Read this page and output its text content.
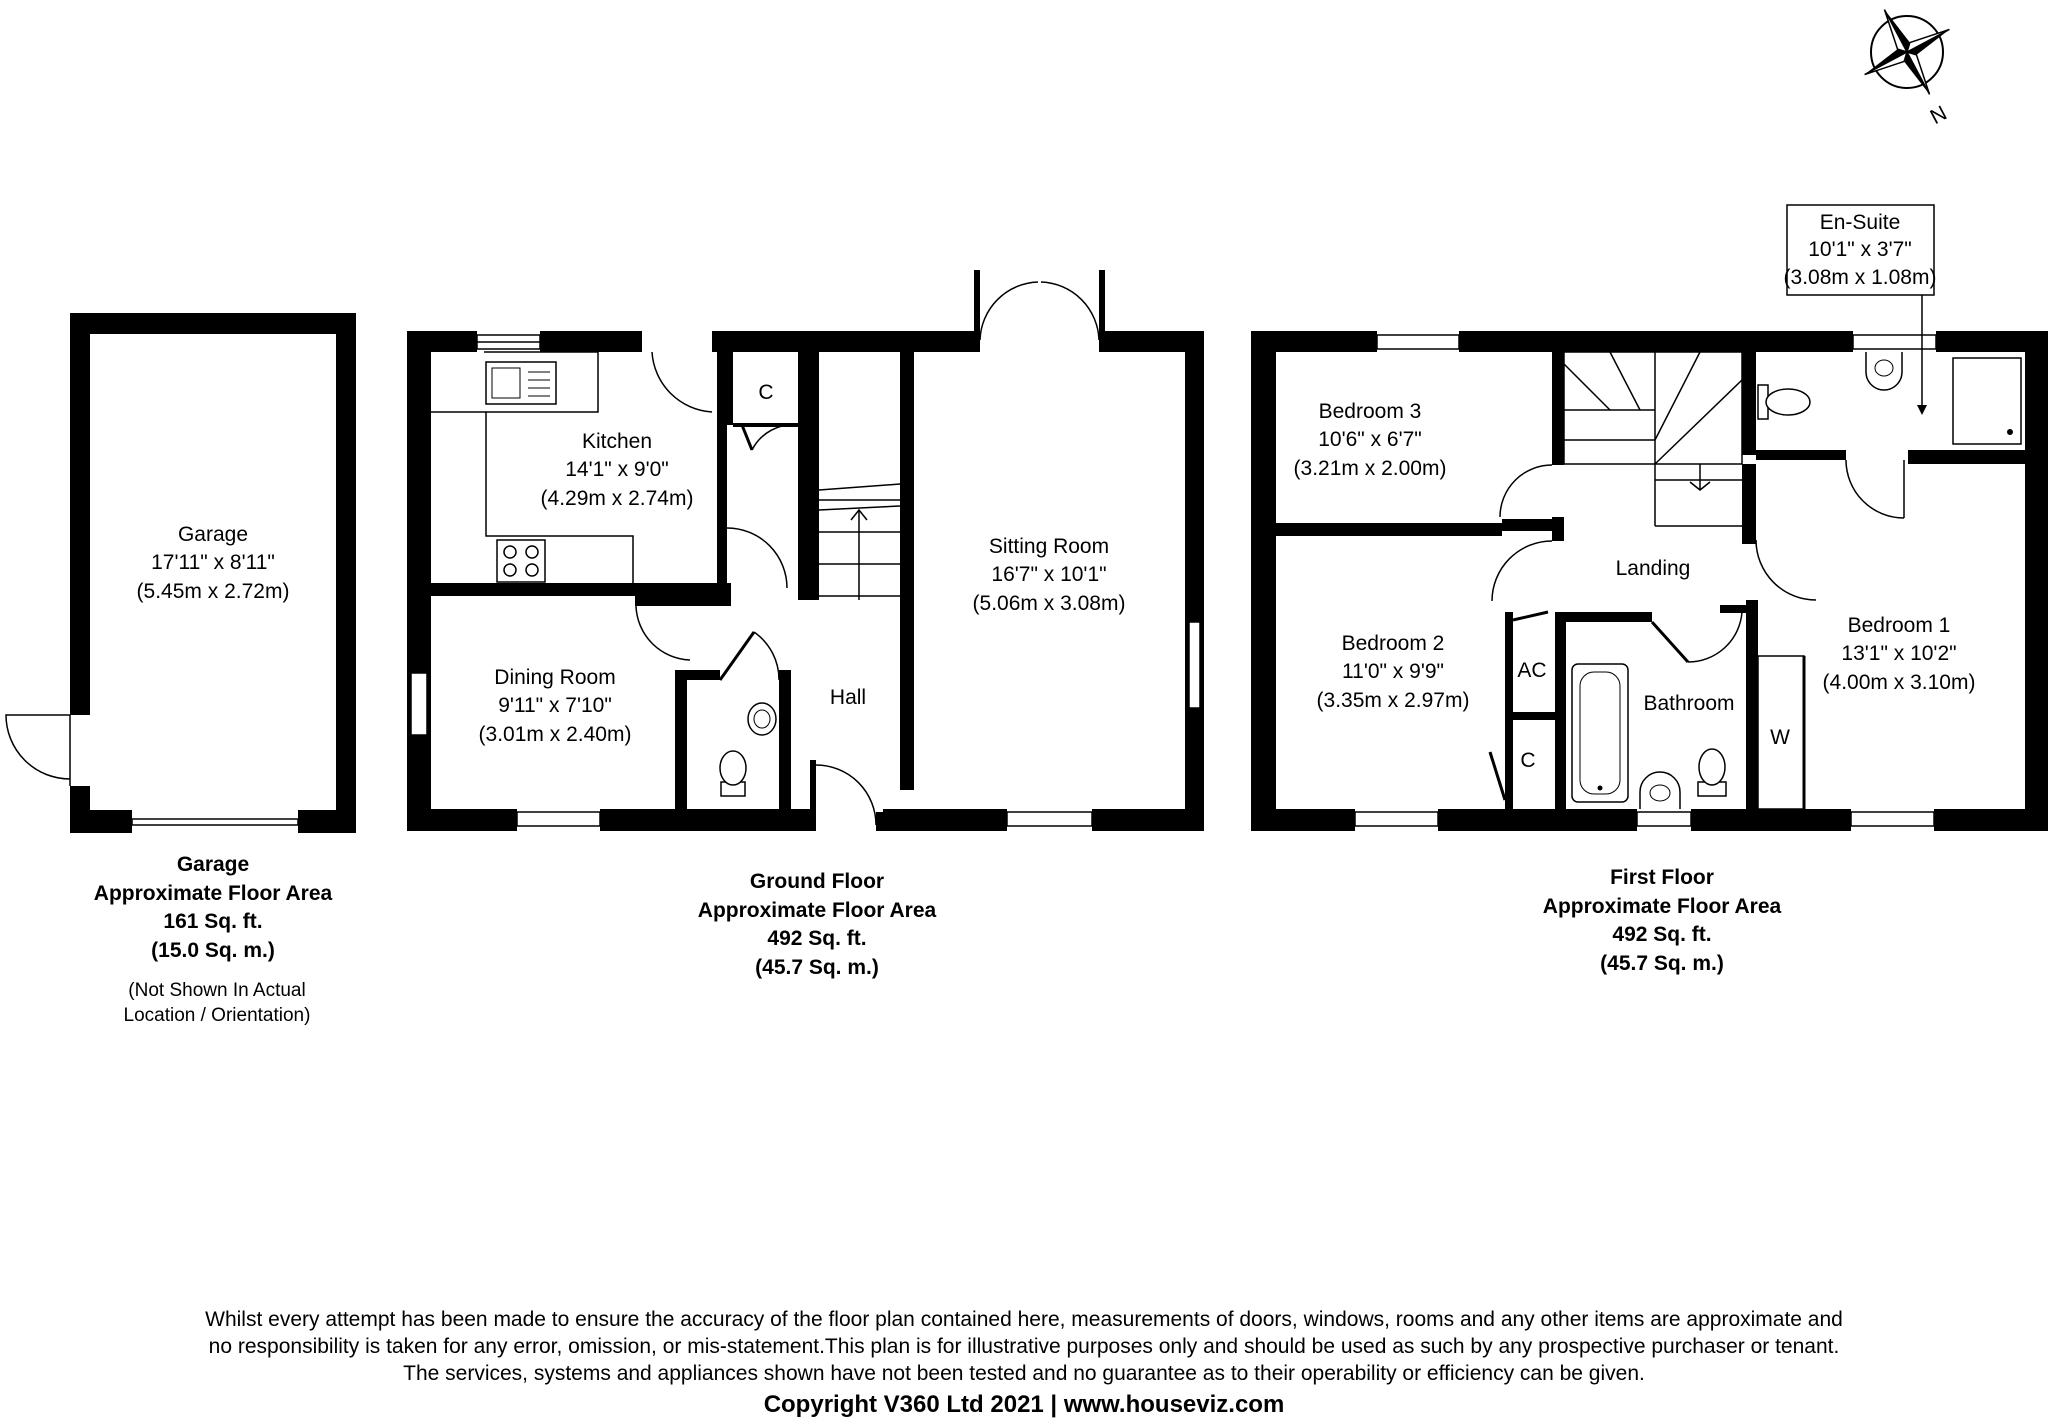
N
Kitchen
14'1" x 9'0"
(4.29m x 2.74m)
C
Dining Room
9'11" x 7'10"
(3.01m x 2.40m)
Hall
Sitting Room
16'7" x 10'1"
(5.06m x 3.08m)
Garage
17'11" x 8'11"
(5.45m x 2.72m)
Bedroom 3
10'6" x 6'7"
(3.21m x 2.00m)
Bedroom 2
11'0" x 9'9"
(3.35m x 2.97m)
Bedroom 1
13'1" x 10'2"
(4.00m x 3.10m)
En-Suite
10'1" x 3'7"
(3.08m x 1.08m)
Landing
Bathroom
AC
C
W
Garage
Approximate Floor Area
161 Sq. ft.
(15.0 Sq. m.)
(Not Shown In Actual
Location / Orientation)
Ground Floor
Approximate Floor Area
492 Sq. ft.
(45.7 Sq. m.)
First Floor
Approximate Floor Area
492 Sq. ft.
(45.7 Sq. m.)
Whilst every attempt has been made to ensure the accuracy of the floor plan contained here, measurements of doors, windows, rooms and any other items are approximate and
no responsibility is taken for any error, omission, or mis-statement.This plan is for illustrative purposes only and should be used as such by any prospective purchaser or tenant.
The services, systems and appliances shown have not been tested and no guarantee as to their operability or efficiency can be given.
Copyright V360 Ltd 2021 | www.houseviz.com
